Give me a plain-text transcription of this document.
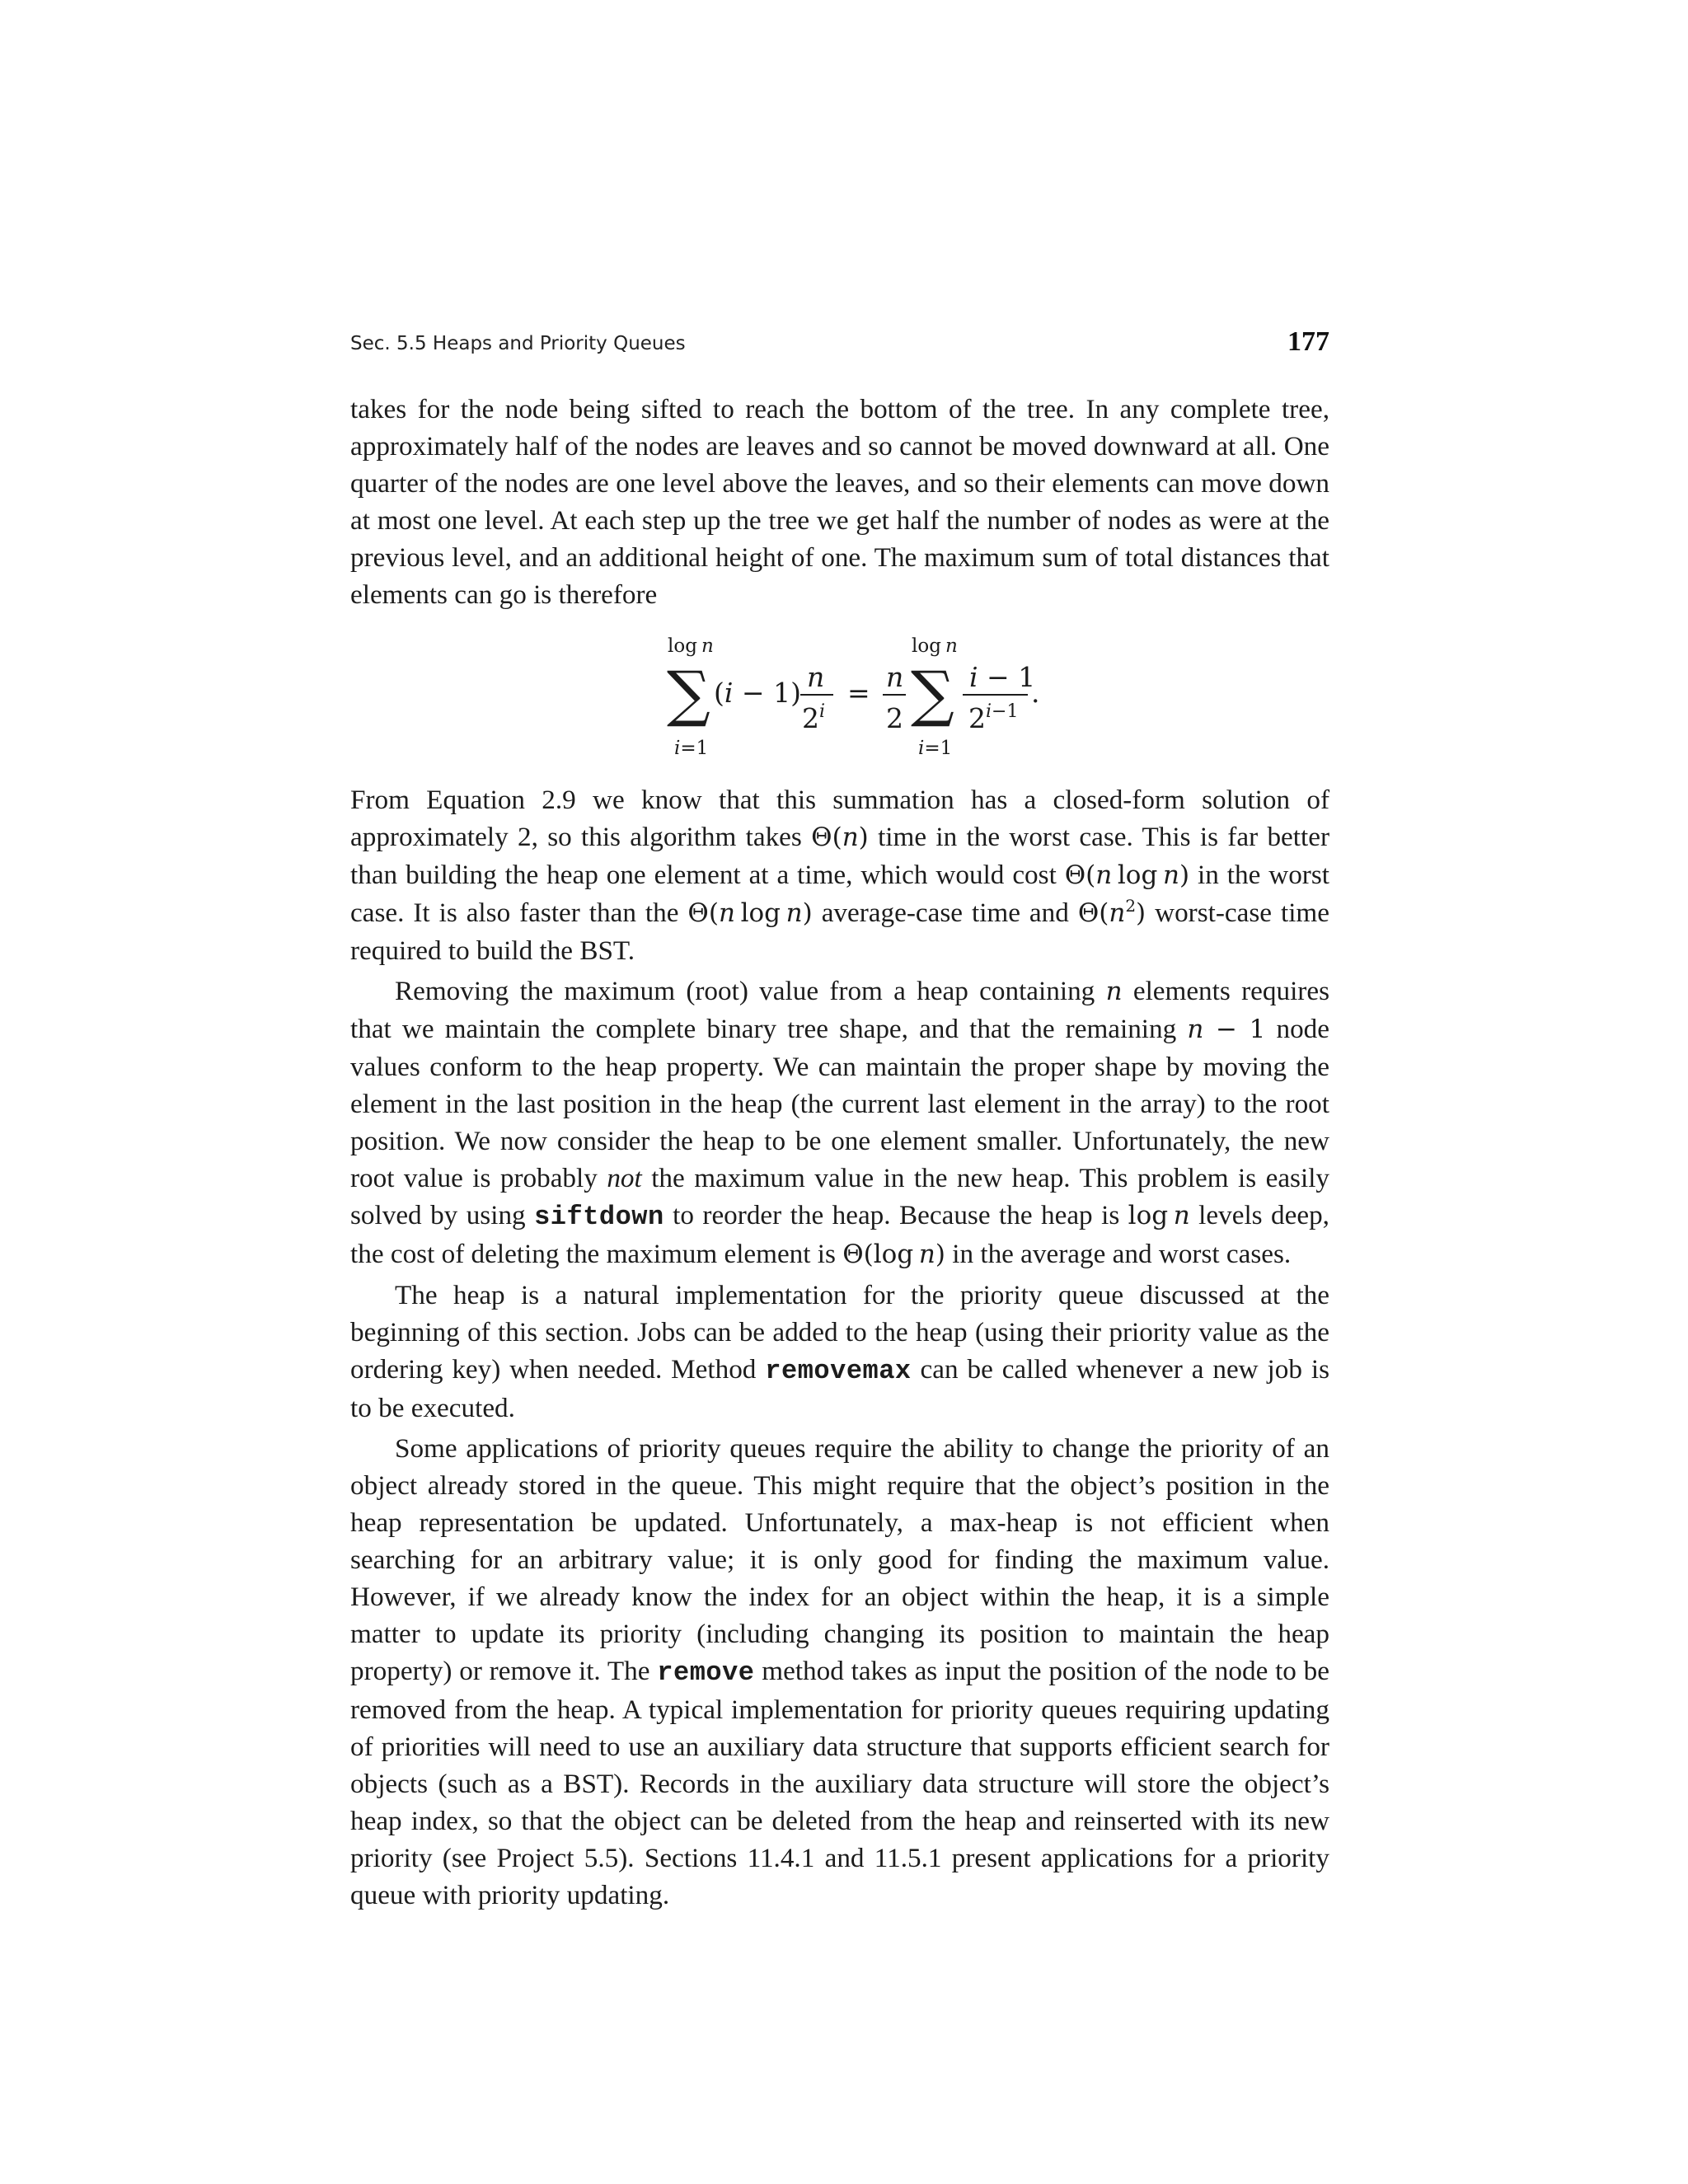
Sec. 5.5 Heaps and Priority Queues	177

takes for the node being sifted to reach the bottom of the tree. In any complete tree, approximately half of the nodes are leaves and so cannot be moved downward at all. One quarter of the nodes are one level above the leaves, and so their elements can move down at most one level. At each step up the tree we get half the number of nodes as were at the previous level, and an additional height of one. The maximum sum of total distances that elements can go is therefore

log n
∑
i=1
(i − 1) n
$2^i$
= n
2
log n
∑
i=1
i − 1
$2^i-1$
.

From Equation 2.9 we know that this summation has a closed-form solution of approximately 2, so this algorithm takes Θ(n) time in the worst case. This is far better than building the heap one element at a time, which would cost Θ(n  log  n) in the worst case. It is also faster than the Θ(n  log  n) average-case time and $\Theta(n^2)$ worst-case time required to build the BST.

Removing the maximum (root) value from a heap containing n elements requires that we maintain the complete binary tree shape, and that the remaining n − 1 node values conform to the heap property. We can maintain the proper shape by moving the element in the last position in the heap (the current last element in the array) to the root position. We now consider the heap to be one element smaller. Unfortunately, the new root value is probably not the maximum value in the new heap. This problem is easily solved by using siftdown to reorder the heap. Because the heap is log  n levels deep, the cost of deleting the maximum element is Θ(log  n) in the average and worst cases.

The heap is a natural implementation for the priority queue discussed at the beginning of this section. Jobs can be added to the heap (using their priority value as the ordering key) when needed. Method removemax can be called whenever a new job is to be executed.

Some applications of priority queues require the ability to change the priority of an object already stored in the queue. This might require that the object’s position in the heap representation be updated. Unfortunately, a max-heap is not efficient when searching for an arbitrary value; it is only good for finding the maximum value. However, if we already know the index for an object within the heap, it is a simple matter to update its priority (including changing its position to maintain the heap property) or remove it. The remove method takes as input the position of the node to be removed from the heap. A typical implementation for priority queues requiring updating of priorities will need to use an auxiliary data structure that supports efficient search for objects (such as a BST). Records in the auxiliary data structure will store the object’s heap index, so that the object can be deleted from the heap and reinserted with its new priority (see Project 5.5). Sections 11.4.1 and 11.5.1 present applications for a priority queue with priority updating.
